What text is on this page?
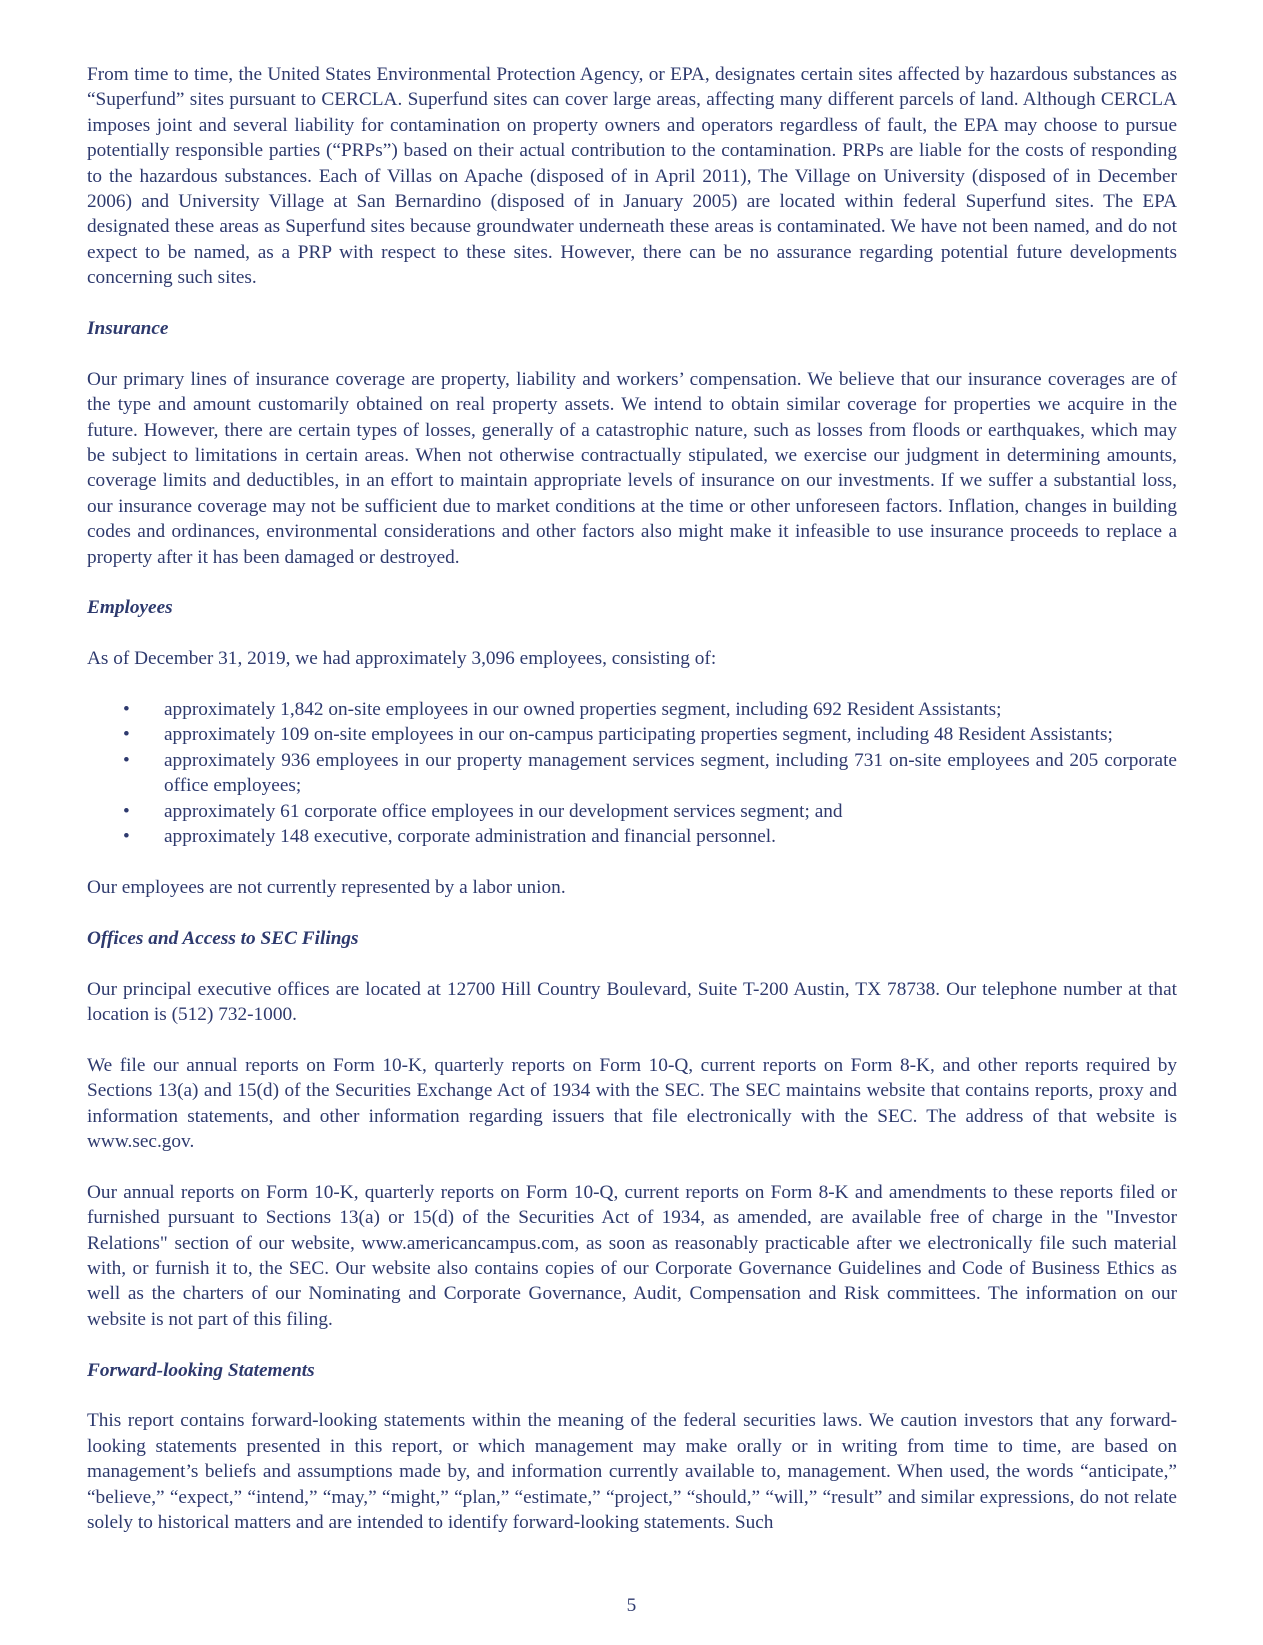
From time to time, the United States Environmental Protection Agency, or EPA, designates certain sites affected by hazardous substances as “Superfund” sites pursuant to CERCLA. Superfund sites can cover large areas, affecting many different parcels of land. Although CERCLA imposes joint and several liability for contamination on property owners and operators regardless of fault, the EPA may choose to pursue potentially responsible parties (“PRPs”) based on their actual contribution to the contamination. PRPs are liable for the costs of responding to the hazardous substances. Each of Villas on Apache (disposed of in April 2011), The Village on University (disposed of in December 2006) and University Village at San Bernardino (disposed of in January 2005) are located within federal Superfund sites. The EPA designated these areas as Superfund sites because groundwater underneath these areas is contaminated. We have not been named, and do not expect to be named, as a PRP with respect to these sites. However, there can be no assurance regarding potential future developments concerning such sites.

Insurance

Our primary lines of insurance coverage are property, liability and workers’ compensation. We believe that our insurance coverages are of the type and amount customarily obtained on real property assets. We intend to obtain similar coverage for properties we acquire in the future. However, there are certain types of losses, generally of a catastrophic nature, such as losses from floods or earthquakes, which may be subject to limitations in certain areas. When not otherwise contractually stipulated, we exercise our judgment in determining amounts, coverage limits and deductibles, in an effort to maintain appropriate levels of insurance on our investments. If we suffer a substantial loss, our insurance coverage may not be sufficient due to market conditions at the time or other unforeseen factors. Inflation, changes in building codes and ordinances, environmental considerations and other factors also might make it infeasible to use insurance proceeds to replace a property after it has been damaged or destroyed.

Employees

As of December 31, 2019, we had approximately 3,096 employees, consisting of:

• approximately 1,842 on-site employees in our owned properties segment, including 692 Resident Assistants;
• approximately 109 on-site employees in our on-campus participating properties segment, including 48 Resident Assistants;
• approximately 936 employees in our property management services segment, including 731 on-site employees and 205 corporate office employees;
• approximately 61 corporate office employees in our development services segment; and
• approximately 148 executive, corporate administration and financial personnel.

Our employees are not currently represented by a labor union.

Offices and Access to SEC Filings

Our principal executive offices are located at 12700 Hill Country Boulevard, Suite T-200 Austin, TX 78738. Our telephone number at that location is (512) 732-1000.

We file our annual reports on Form 10-K, quarterly reports on Form 10-Q, current reports on Form 8-K, and other reports required by Sections 13(a) and 15(d) of the Securities Exchange Act of 1934 with the SEC. The SEC maintains website that contains reports, proxy and information statements, and other information regarding issuers that file electronically with the SEC. The address of that website is www.sec.gov.

Our annual reports on Form 10-K, quarterly reports on Form 10-Q, current reports on Form 8-K and amendments to these reports filed or furnished pursuant to Sections 13(a) or 15(d) of the Securities Act of 1934, as amended, are available free of charge in the "Investor Relations" section of our website, www.americancampus.com, as soon as reasonably practicable after we electronically file such material with, or furnish it to, the SEC. Our website also contains copies of our Corporate Governance Guidelines and Code of Business Ethics as well as the charters of our Nominating and Corporate Governance, Audit, Compensation and Risk committees. The information on our website is not part of this filing.

Forward-looking Statements

This report contains forward-looking statements within the meaning of the federal securities laws. We caution investors that any forward-looking statements presented in this report, or which management may make orally or in writing from time to time, are based on management’s beliefs and assumptions made by, and information currently available to, management. When used, the words “anticipate,” “believe,” “expect,” “intend,” “may,” “might,” “plan,” “estimate,” “project,” “should,” “will,” “result” and similar expressions, do not relate solely to historical matters and are intended to identify forward-looking statements. Such

5
